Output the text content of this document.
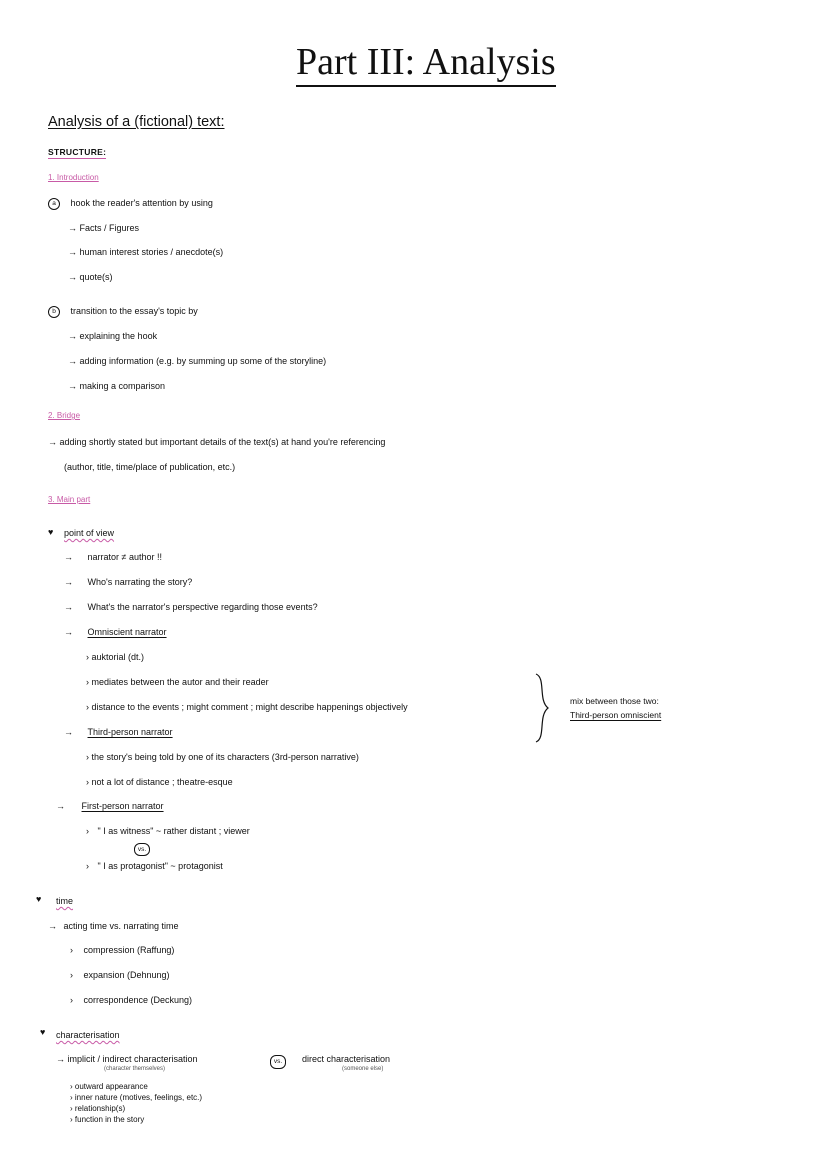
Part III: Analysis
Analysis of a (fictional) text:
STRUCTURE:
1. Introduction
a hook the reader's attention by using
→ Facts / Figures
→ human interest stories / anecdote(s)
→ quote(s)
b transition to the essay's topic by
→ explaining the hook
→ adding information (e.g. by summing up some of the storyline)
→ making a comparison
2. Bridge
→ adding shortly stated but important details of the text(s) at hand you're referencing
(author, title, time/place of publication, etc.)
3. Main part
♥ point of view
→ narrator ≠ author !!
→ Who's narrating the story?
→ What's the narrator's perspective regarding those events?
→ Omniscient narrator
› auktorial (dt.)
› mediates between the autor and their reader
› distance to the events ; might comment ; might describe happenings objectively
mix between those two:
Third-person omniscient
→ Third-person narrator
› the story's being told by one of its characters (3rd-person narrative)
› not a lot of distance ; theatre-esque
→ First-person narrator
› " I as witness" ~ rather distant ; viewer
vs.
› " I as protagonist" ~ protagonist
♥ time
→ acting time vs. narrating time
› compression (Raffung)
› expansion (Dehnung)
› correspondence (Deckung)
♥ characterisation
→ implicit / indirect characterisation
(character themselves)
vs.	direct characterisation
(someone else)
› outward appearance
› inner nature (motives, feelings, etc.)
› relationship(s)
› function in the story
